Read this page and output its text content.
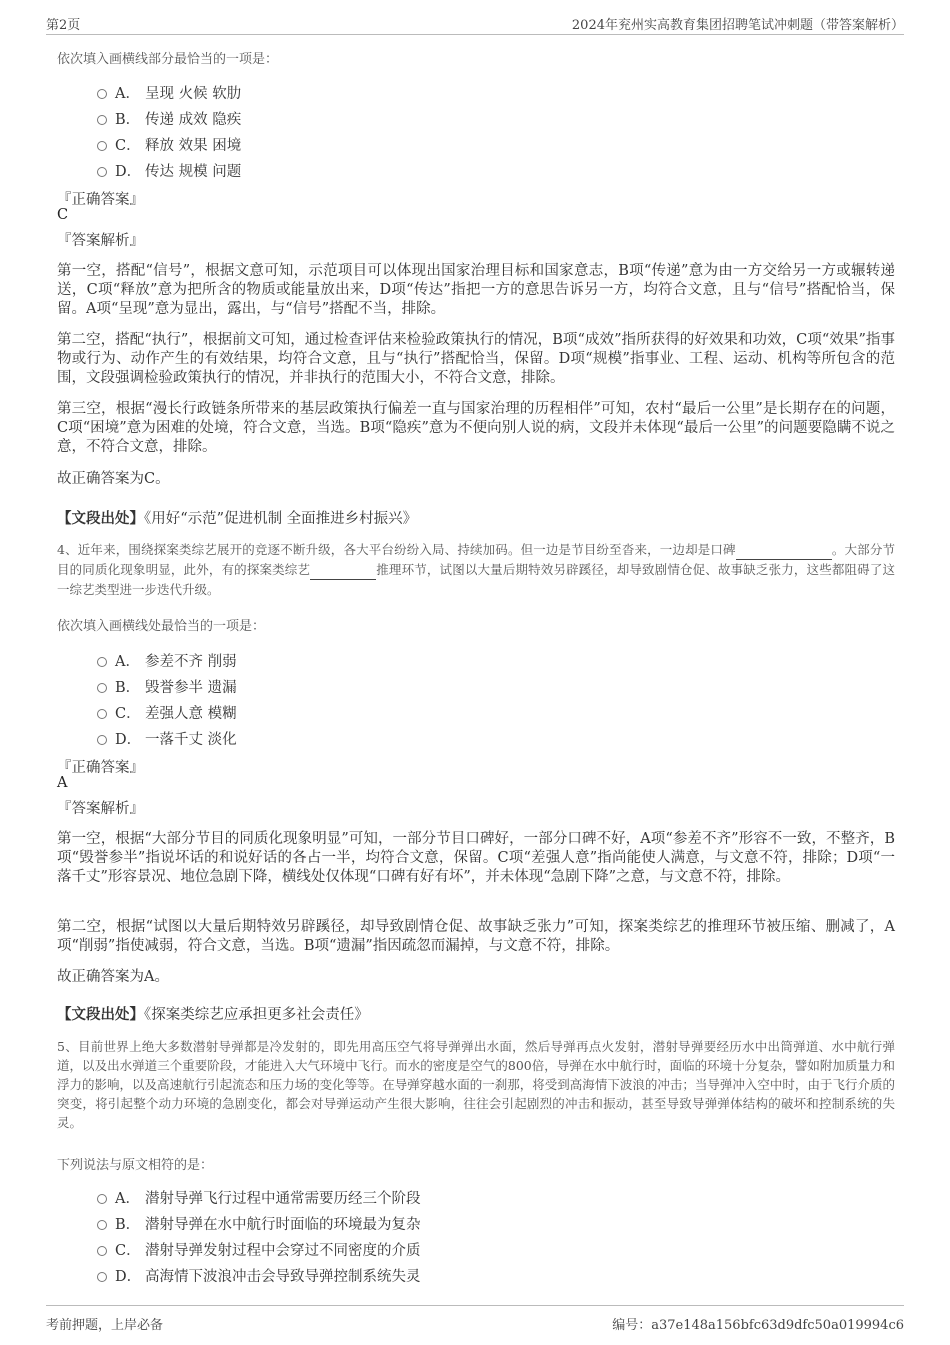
第2页	2024年兖州实高教育集团招聘笔试冲刺题（带答案解析）
依次填入画横线部分最恰当的一项是：
A． 呈现 火候 软肋
B． 传递 成效 隐疾
C． 释放 效果 困境
D． 传达 规模 问题
『正确答案』
C
『答案解析』
第一空，搭配“信号”，根据文意可知，示范项目可以体现出国家治理目标和国家意志，B项“传递”意为由一方交给另一方或辗转递送，C项“释放”意为把所含的物质或能量放出来，D项“传达”指把一方的意思告诉另一方，均符合文意，且与“信号”搭配恰当，保留。A项“呈现”意为显出，露出，与“信号”搭配不当，排除。
第二空，搭配“执行”，根据前文可知，通过检查评估来检验政策执行的情况，B项“成效”指所获得的好效果和功效，C项“效果”指事物或行为、动作产生的有效结果，均符合文意，且与“执行”搭配恰当，保留。D项“规模”指事业、工程、运动、机构等所包含的范围，文段强调检验政策执行的情况，并非执行的范围大小，不符合文意，排除。
第三空，根据“漫长行政链条所带来的基层政策执行偏差一直与国家治理的历程相伴”可知，农村“最后一公里”是长期存在的问题，C项“困境”意为困难的处境，符合文意，当选。B项“隐疾”意为不便向别人说的病，文段并未体现“最后一公里”的问题要隐瞒不说之意，不符合文意，排除。
故正确答案为C。
【文段出处】《用好“示范”促进机制 全面推进乡村振兴》
4、近年来，围绕探案类综艺展开的竞逐不断升级，各大平台纷纷入局、持续加码。但一边是节目纷至沓来，一边却是口碑	。大部分节目的同质化现象明显，此外，有的探案类综艺	推理环节，试图以大量后期特效另辟蹊径，却导致剧情仓促、故事缺乏张力，这些都阻碍了这一综艺类型进一步迭代升级。
依次填入画横线处最恰当的一项是：
A． 参差不齐 削弱
B． 毁誉参半 遗漏
C． 差强人意 模糊
D． 一落千丈 淡化
『正确答案』
A
『答案解析』
第一空，根据“大部分节目的同质化现象明显”可知，一部分节目口碑好，一部分口碑不好，A项“参差不齐”形容不一致，不整齐，B项“毁誉参半”指说坏话的和说好话的各占一半，均符合文意，保留。C项“差强人意”指尚能使人满意，与文意不符，排除；D项“一落千丈”形容景况、地位急剧下降，横线处仅体现“口碑有好有坏”，并未体现“急剧下降”之意，与文意不符，排除。
第二空，根据“试图以大量后期特效另辟蹊径，却导致剧情仓促、故事缺乏张力”可知，探案类综艺的推理环节被压缩、删减了，A项“削弱”指使减弱，符合文意，当选。B项“遗漏”指因疏忽而漏掉，与文意不符，排除。
故正确答案为A。
【文段出处】《探案类综艺应承担更多社会责任》
5、目前世界上绝大多数潜射导弹都是冷发射的，即先用高压空气将导弹弹出水面，然后导弹再点火发射，潜射导弹要经历水中出筒弹道、水中航行弹道，以及出水弹道三个重要阶段，才能进入大气环境中飞行。而水的密度是空气的800倍，导弹在水中航行时，面临的环境十分复杂，譬如附加质量力和浮力的影响，以及高速航行引起流态和压力场的变化等等。在导弹穿越水面的一刹那，将受到高海情下波浪的冲击；当导弹冲入空中时，由于飞行介质的突变，将引起整个动力环境的急剧变化，都会对导弹运动产生很大影响，往往会引起剧烈的冲击和振动，甚至导致导弹弹体结构的破坏和控制系统的失灵。
下列说法与原文相符的是：
A． 潜射导弹飞行过程中通常需要历经三个阶段
B． 潜射导弹在水中航行时面临的环境最为复杂
C． 潜射导弹发射过程中会穿过不同密度的介质
D． 高海情下波浪冲击会导致导弹控制系统失灵
考前押题，上岸必备	编号：a37e148a156bfc63d9dfc50a019994c6
